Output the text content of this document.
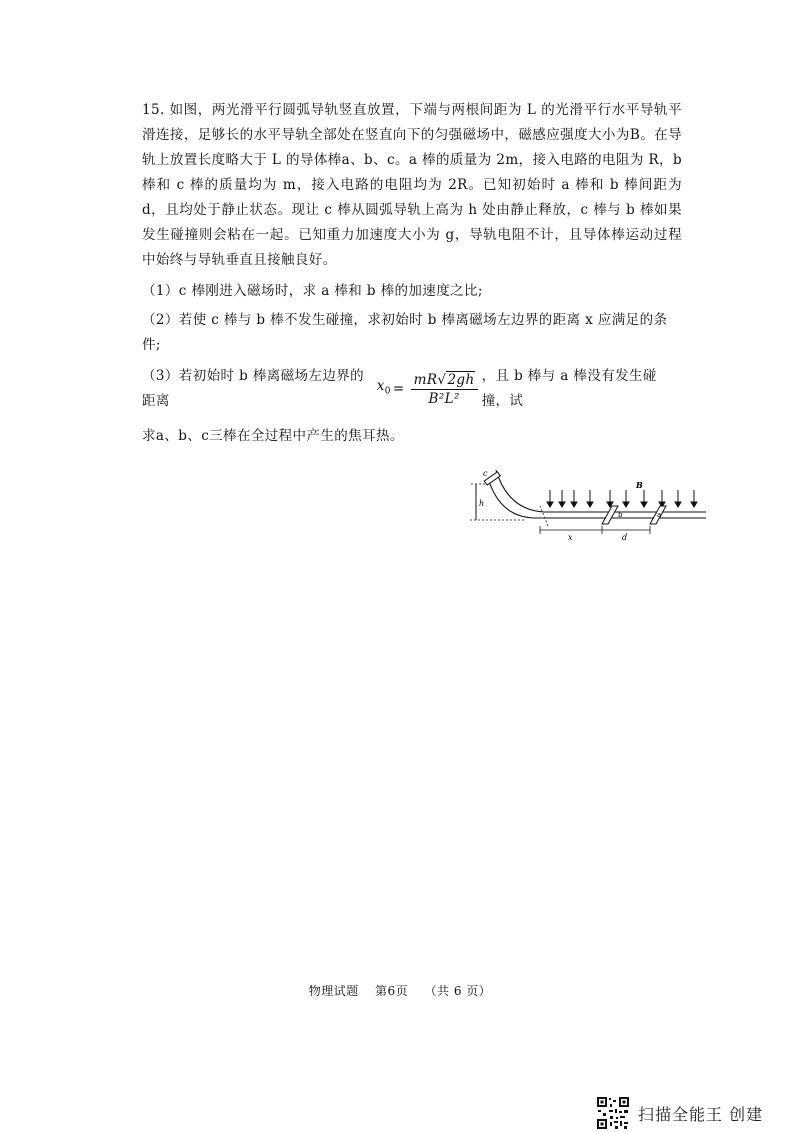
15. 如图，两光滑平行圆弧导轨竖直放置，下端与两根间距为 L 的光滑平行水平导轨平滑连接，足够长的水平导轨全部处在竖直向下的匀强磁场中，磁感应强度大小为B。在导轨上放置长度略大于 L 的导体棒a、b、c。a 棒的质量为 2m，接入电路的电阻为 R，b 棒和 c 棒的质量均为 m，接入电路的电阻均为 2R。已知初始时 a 棒和 b 棒间距为 d，且均处于静止状态。现让 c 棒从圆弧导轨上高为 h 处由静止释放，c 棒与 b 棒如果发生碰撞则会粘在一起。已知重力加速度大小为 g，导轨电阻不计，且导体棒运动过程中始终与导轨垂直且接触良好。

（1）c 棒刚进入磁场时，求 a 棒和 b 棒的加速度之比;

（2）若使 c 棒与 b 棒不发生碰撞，求初始时 b 棒离磁场左边界的距离 x 应满足的条件;

（3）若初始时 b 棒离磁场左边界的距离
$x_0 = \frac{mR√2gh}{\text{B²L²}}$ ，且 b 棒与 a 棒没有发生碰撞，试

求a、b、c三棒在全过程中产生的焦耳热。

c
h
B
b	a
x	d
物理试题 第6页 （共 6 页）
扫描全能王 创建
